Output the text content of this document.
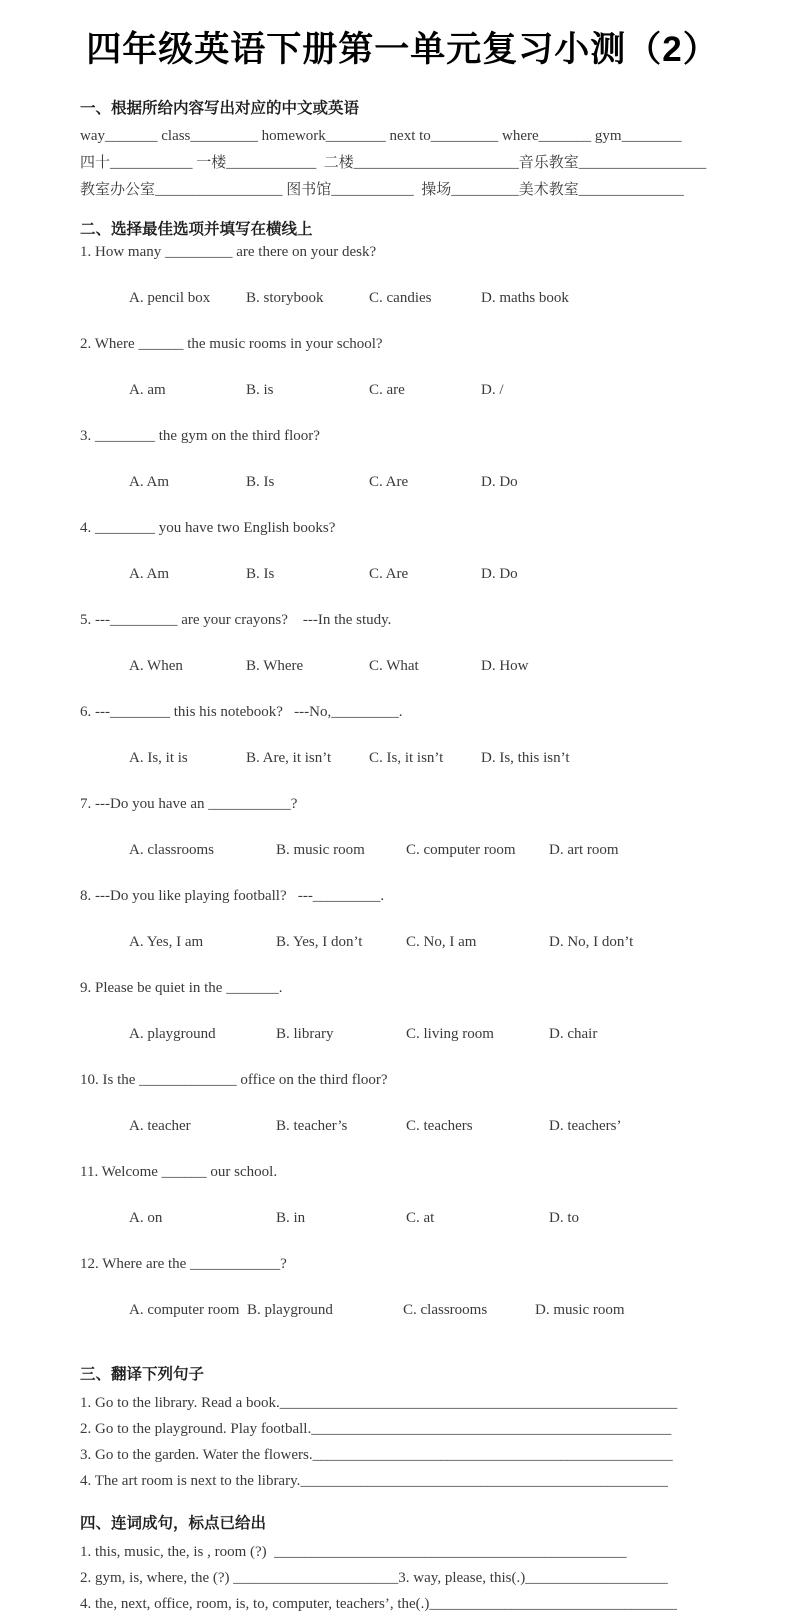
四年级英语下册第一单元复习小测（2）
一、根据所给内容写出对应的中文或英语

way_______ class_________ homework________ next to_________ where_______ gym________

四十___________ 一楼____________  二楼______________________音乐教室_________________

教室办公室_________________ 图书馆___________  操场_________美术教室______________

二、选择最佳选项并填写在横线上

1. How many _________ are there on your desk?

A. pencil box B. storybook	C. candies	D. maths book

2. Where ______ the music rooms in your school?

A. am	B. is	C. are	D. /

3. ________ the gym on the third floor?

A. Am	B. Is	C. Are	D. Do

4. ________ you have two English books?

A. Am	B. Is	C. Are	D. Do

5. ---_________ are your crayons?    ---In the study.

A. When	B. Where	C. What	D. How

6. ---________ this his notebook?   ---No,_________.

A. Is, it is	B. Are, it isn’t	C. Is, it isn’t	D. Is, this isn’t

7. ---Do you have an ___________?

A. classrooms	B. music room	C. computer room D. art room

8. ---Do you like playing football?   ---_________.

A. Yes, I am	B. Yes, I don’t	C. No, I am	D. No, I don’t

9. Please be quiet in the _______.

A. playground	B. library	C. living room	D. chair

10. Is the _____________ office on the third floor?

A. teacher	B. teacher’s	C. teachers	D. teachers’

11. Welcome ______ our school.

A. on	B. in	C. at	D. to

12. Where are the ____________?

A. computer room B. playground	C. classrooms	D. music room

三、翻译下列句子

1. Go to the library. Read a book._____________________________________________________

2. Go to the playground. Play football.________________________________________________

3. Go to the garden. Water the flowers.________________________________________________

4. The art room is next to the library._________________________________________________

四、连词成句，标点已给出

1. this, music, the, is , room (?)  _______________________________________________

2. gym, is, where, the (?) ______________________3. way, please, this(.)___________________

4. the, next, office, room, is, to, computer, teachers’, the(.)_________________________________
